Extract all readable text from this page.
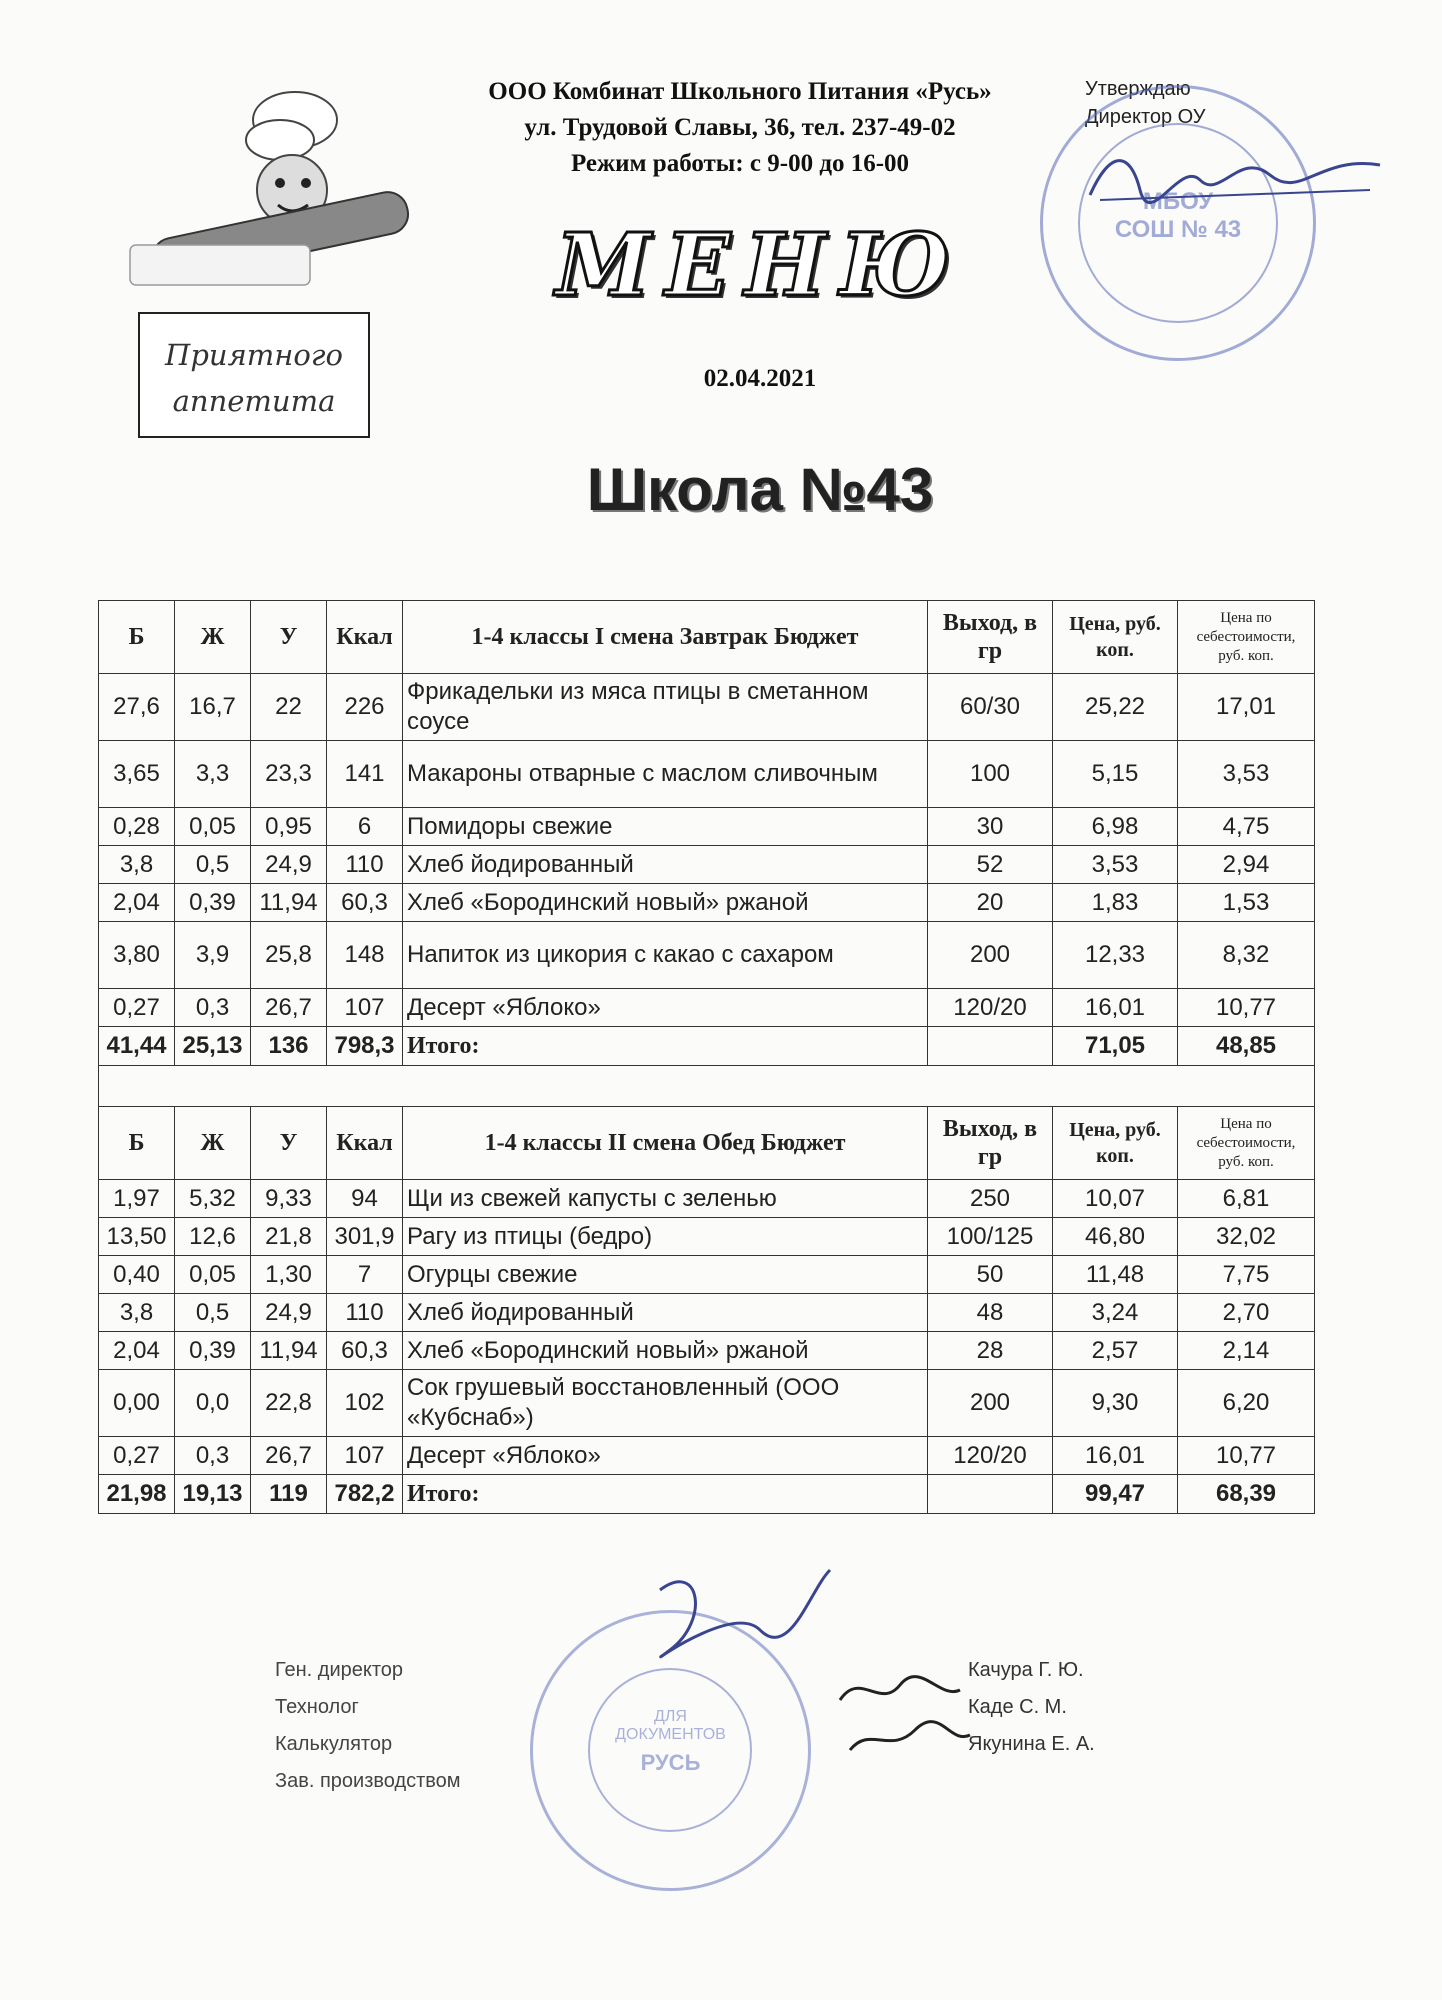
ООО Комбинат Школьного Питания «Русь»
ул. Трудовой Славы, 36, тел. 237-49-02
Режим работы: с 9-00 до 16-00
Утверждаю
Директор ОУ
МБОУ
СОШ № 43
Приятного
аппетита
МЕНЮ
02.04.2021
Школа №43
Б	Ж	У	Ккал	1-4 классы I смена Завтрак Бюджет	Выход, в гр	Цена, руб. коп.	Цена по себестоимости, руб. коп.
27,6	16,7	22	226	Фрикадельки из мяса птицы в сметанном соусе	60/30	25,22	17,01
3,65	3,3	23,3	141	Макароны отварные с маслом сливочным	100	5,15	3,53
0,28	0,05	0,95	6	Помидоры свежие	30	6,98	4,75
3,8	0,5	24,9	110	Хлеб йодированный	52	3,53	2,94
2,04	0,39	11,94	60,3	Хлеб «Бородинский новый» ржаной	20	1,83	1,53
3,80	3,9	25,8	148	Напиток из цикория с какао с сахаром	200	12,33	8,32
0,27	0,3	26,7	107	Десерт «Яблоко»	120/20	16,01	10,77
41,44	25,13	136	798,3	Итого:		71,05	48,85

Б	Ж	У	Ккал	1-4 классы II смена Обед Бюджет	Выход, в гр	Цена, руб. коп.	Цена по себестоимости, руб. коп.
1,97	5,32	9,33	94	Щи из свежей капусты с зеленью	250	10,07	6,81
13,50	12,6	21,8	301,9	Рагу из птицы (бедро)	100/125	46,80	32,02
0,40	0,05	1,30	7	Огурцы свежие	50	11,48	7,75
3,8	0,5	24,9	110	Хлеб йодированный	48	3,24	2,70
2,04	0,39	11,94	60,3	Хлеб «Бородинский новый» ржаной	28	2,57	2,14
0,00	0,0	22,8	102	Сок грушевый восстановленный (ООО «Кубснаб»)	200	9,30	6,20
0,27	0,3	26,7	107	Десерт «Яблоко»	120/20	16,01	10,77
21,98	19,13	119	782,2	Итого:		99,47	68,39
Ген. директор
Технолог
Калькулятор
Зав. производством
Качура Г. Ю.
Каде С. М.
Якунина Е. А.
ДЛЯ
ДОКУМЕНТОВ
РУСЬ
